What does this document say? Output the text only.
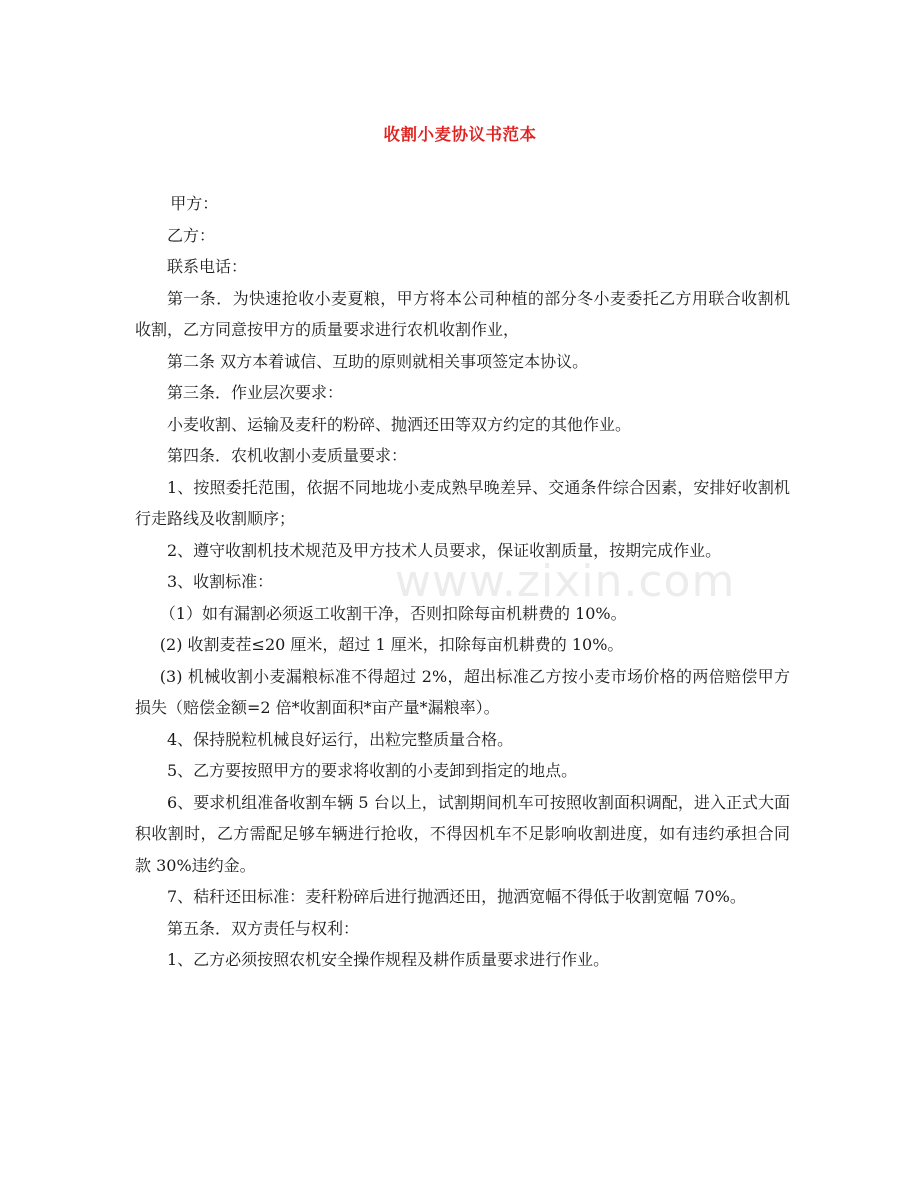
收割小麦协议书范本
www.zixin.com

甲方：

乙方：

联系电话：

第一条．为快速抢收小麦夏粮，甲方将本公司种植的部分冬小麦委托乙方用联合收割机收割，乙方同意按甲方的质量要求进行农机收割作业，

第二条 双方本着诚信、互助的原则就相关事项签定本协议。

第三条．作业层次要求：

小麦收割、运输及麦秆的粉碎、抛洒还田等双方约定的其他作业。

第四条．农机收割小麦质量要求：

1、按照委托范围，依据不同地垅小麦成熟早晚差异、交通条件综合因素，安排好收割机行走路线及收割顺序；

2、遵守收割机技术规范及甲方技术人员要求，保证收割质量，按期完成作业。

3、收割标准：

（1）如有漏割必须返工收割干净，否则扣除每亩机耕费的 10%。

(2) 收割麦茬≤20 厘米，超过 1 厘米，扣除每亩机耕费的 10%。

(3) 机械收割小麦漏粮标准不得超过 2%，超出标准乙方按小麦市场价格的两倍赔偿甲方损失（赔偿金额=2 倍*收割面积*亩产量*漏粮率）。

4、保持脱粒机械良好运行，出粒完整质量合格。

5、乙方要按照甲方的要求将收割的小麦卸到指定的地点。

6、要求机组准备收割车辆 5 台以上，试割期间机车可按照收割面积调配，进入正式大面积收割时，乙方需配足够车辆进行抢收，不得因机车不足影响收割进度，如有违约承担合同款 30%违约金。

7、秸秆还田标准：麦秆粉碎后进行抛洒还田，抛洒宽幅不得低于收割宽幅 70%。

第五条．双方责任与权利：

1、乙方必须按照农机安全操作规程及耕作质量要求进行作业。
